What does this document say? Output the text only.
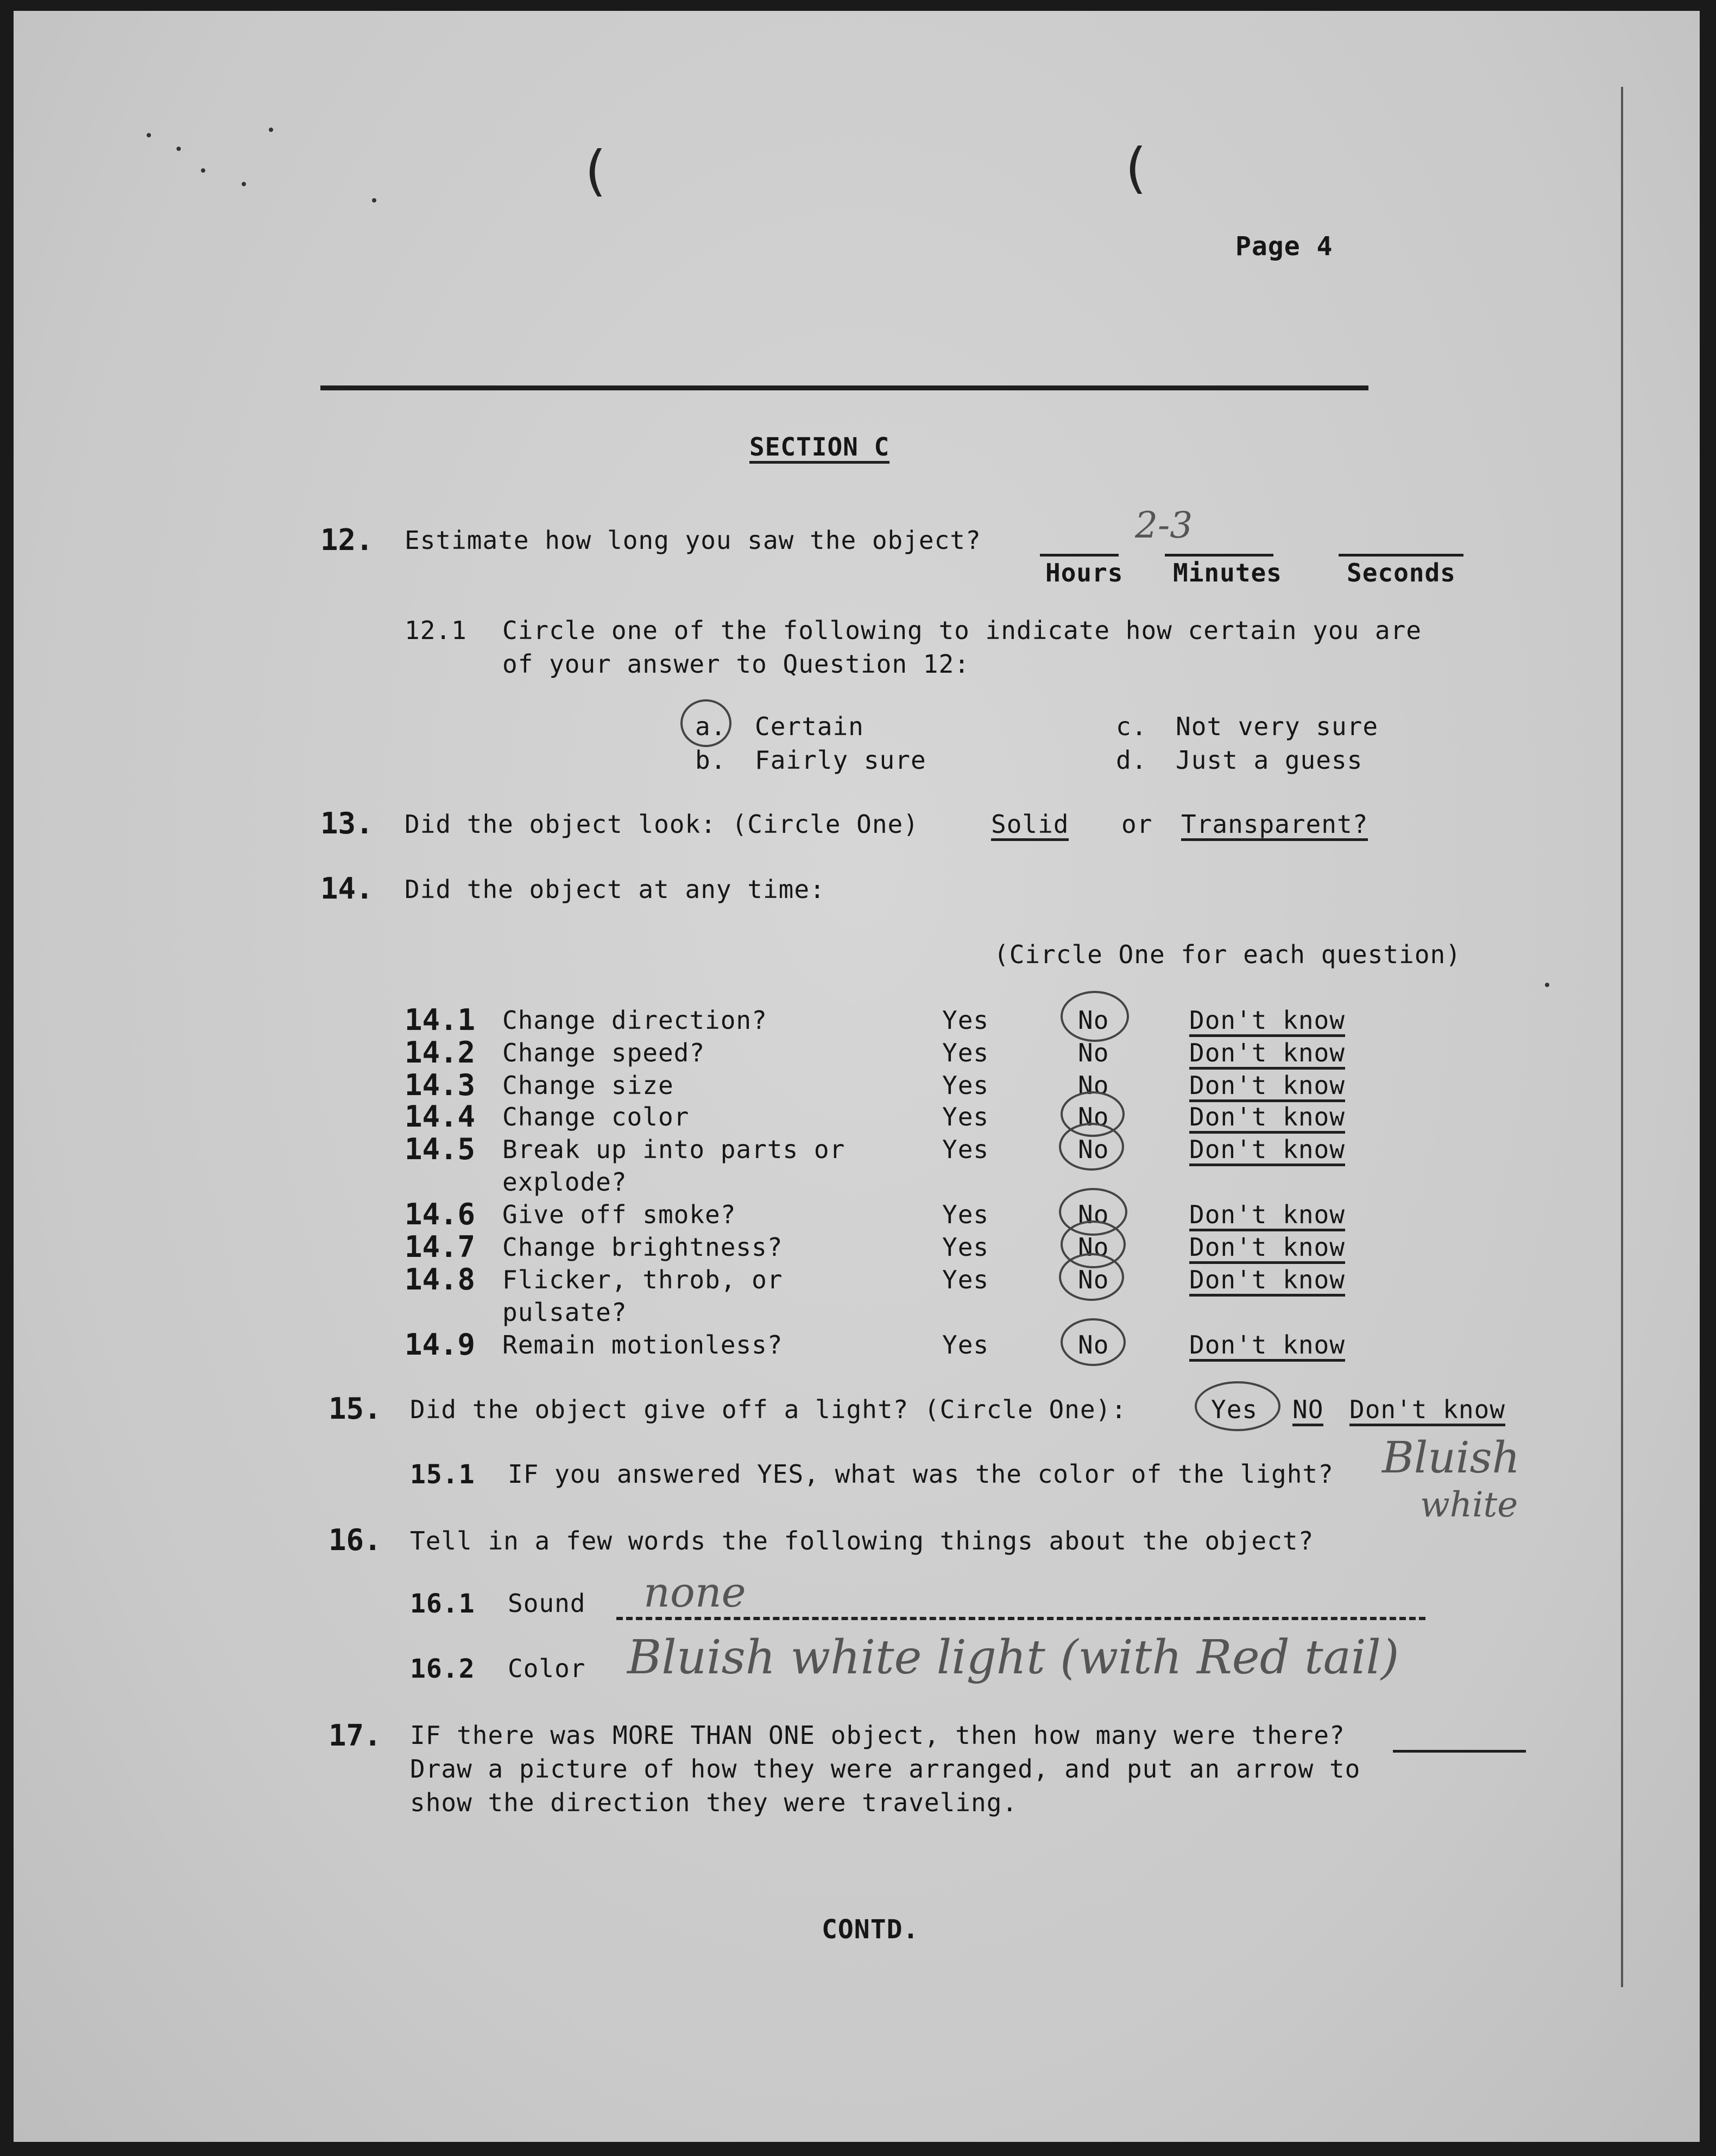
(	(
Page 4
SECTION C
12. Estimate how long you saw the object?	2-3
Hours Minutes	Seconds
12.1 Circle one of the following to indicate how certain you are
of your answer to Question 12:
a. Certain
b. Fairly sure
c. Not very sure
d. Just a guess
13. Did the object look: (Circle One)	Solid or Transparent?
14. Did the object at any time:
(Circle One for each question)
14.1 Change direction?	Yes	No	Don't know
14.2 Change speed?	Yes	No	Don't know
14.3 Change size	Yes	No	Don't know
14.4 Change color	Yes	No	Don't know
14.5 Break up into parts or
explode?
Yes	No	Don't know
14.6 Give off smoke?	Yes	No	Don't know
14.7 Change brightness?	Yes	No	Don't know
14.8 Flicker, throb, or
pulsate?
Yes	No	Don't know
14.9 Remain motionless?	Yes	No	Don't know
15. Did the object give off a light? (Circle One):	Yes NO Don't know
15.1 IF you answered YES, what was the color of the light? Bluish
white
16. Tell in a few words the following things about the object?
16.1 Sound none
16.2 Color Bluish white light (with Red tail)
17. IF there was MORE THAN ONE object, then how many were there?
Draw a picture of how they were arranged, and put an arrow to
show the direction they were traveling.
CONTD.
